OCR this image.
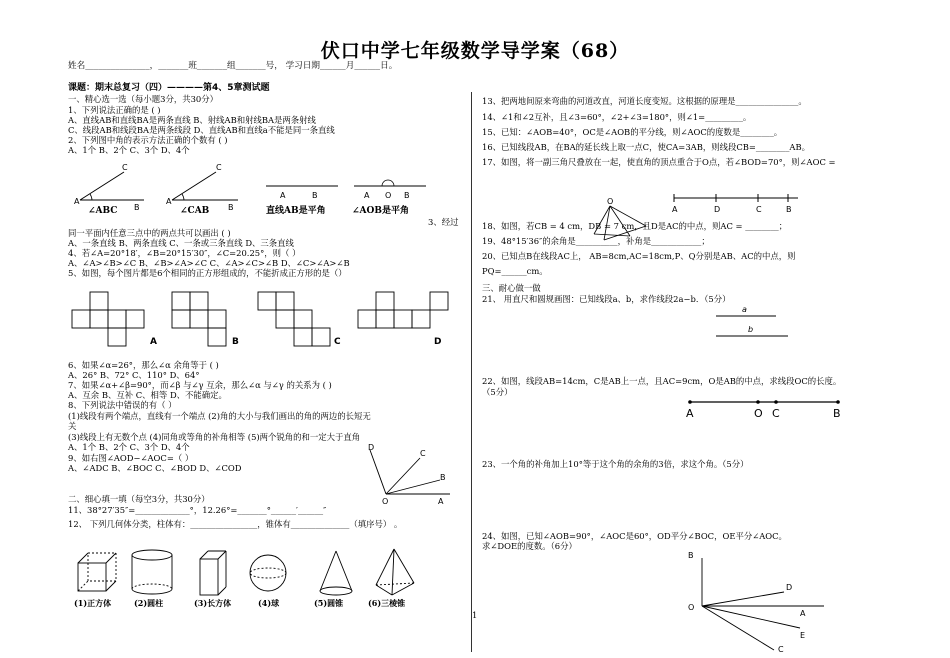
伏口中学七年级数学导学案（68）
姓名_______________，_______班_______组_______号， 学习日期______月______日。
课题：期末总复习（四）————第4、5章测试题
一、精心选一选（每小题3分，共30分）
1、下列说法正确的是 ( )
A、直线AB和直线BA是两条直线 B、射线AB和射线BA是两条射线
C、线段AB和线段BA是两条线段 D、直线AB和直线a不能是同一条直线
2、下列图中角的表示方法正确的个数有 ( )
A、1个 B、2个 C、3个 D、4个
A
C
B
∠ABC
A
C
B
∠CAB
A	B
直线AB是平角
A O B
∠AOB是平角
3、经过
同一平面内任意三点中的两点共可以画出 ( )
A、一条直线 B、两条直线 C、一条或三条直线 D、三条直线
4、若∠A=20°18′，∠B=20°15′30″，∠C=20.25°，则（ ）
A、∠A>∠B>∠C B、∠B>∠A>∠C C、∠A>∠C>∠B D、∠C>∠A>∠B
5、如图，每个图片都是6个相同的正方形组成的，不能折成正方形的是（）
A	B	C	D
6、如果∠α=26°，那么∠α 余角等于 ( )
A、26° B、72° C、110° D、64°
7、如果∠α+∠β=90°，而∠β 与∠γ 互余，那么∠α 与∠γ 的关系为 ( )
A、互余 B、互补 C、相等 D、不能确定。
8、下列说法中错误的有（ ）
(1)线段有两个端点，直线有一个端点 (2)角的大小与我们画出的角的两边的长短无
关
(3)线段上有无数个点 (4)同角或等角的补角相等 (5)两个锐角的和一定大于直角
A、1个 B、2个 C、3个 D、4个
9、如右图∠AOD−∠AOC=（ ）
A、∠ADC B、∠BOC C、∠BOD D、∠COD
D
C
B
O	A
二、细心填一填（每空3分，共30分）
11、38°27′35″=_____________°，12.26°=_______°______′______″
12、 下列几何体分类，柱体有：________________，锥体有______________（填序号） 。
(1)正方体	(2)圆柱	(3)长方体	(4)球	(5)圆锥	(6)三棱锥
13、把两地间原来弯曲的河道改直，河道长度变短。这根据的原理是_______________。
14、∠1和∠2互补，且∠3=60°，∠2+∠3=180°，则∠1=_________。
15、已知：∠AOB=40°，OC是∠AOB的平分线，则∠AOC的度数是________。
16、已知线段AB，在BA的延长线上取一点C，使CA=3AB，则线段CB=________AB。
17、如图，将一副三角尺叠放在一起，使直角的顶点重合于O点，若∠BOD=70°，则∠AOC =
O
A	D	C	B
18、如图，若CB = 4 cm，DB = 7 cm，且D是AC的中点，则AC = ________；
19、48°15′36″的余角是__________，补角是____________；
20、已知点B在线段AC上， AB=8cm,AC=18cm,P、Q分别是AB、AC的中点，则
PQ=______cm。
三、耐心做一做
21、 用直尺和圆规画图：已知线段a、b，求作线段2a−b．（5分）
a
b
22、如图，线段AB=14cm，C是AB上一点，且AC=9cm，O是AB的中点，求线段OC的长度。
（5分）
A	O C	B
23、一个角的补角加上10°等于这个角的余角的3倍，求这个角。（5分）
24、如图，已知∠AOB=90°，∠AOC是60°，OD平分∠BOC，OE平分∠AOC。
求∠DOE的度数。（6分）
B
D
O
A
E
C
1
